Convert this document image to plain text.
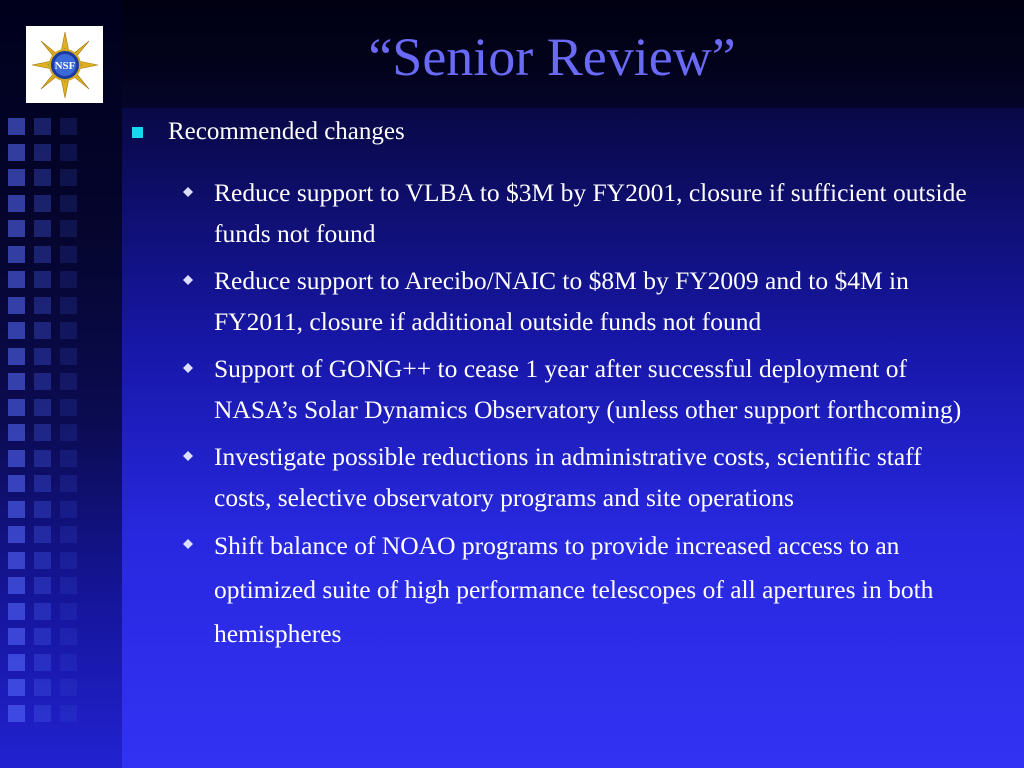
NSF	“Senior Review”
Recommended changes
Reduce support to VLBA to $3M by FY2001, closure if sufficient outside funds not found
Reduce support to Arecibo/NAIC to $8M by FY2009 and to $4M in FY2011, closure if additional outside funds not found
Support of GONG++ to cease 1 year after successful deployment of NASA’s Solar Dynamics Observatory (unless other support forthcoming)
Investigate possible reductions in administrative costs, scientific staff costs, selective observatory programs and site operations
Shift balance of NOAO programs to provide increased access to an optimized suite of high performance telescopes of all apertures in both hemispheres
